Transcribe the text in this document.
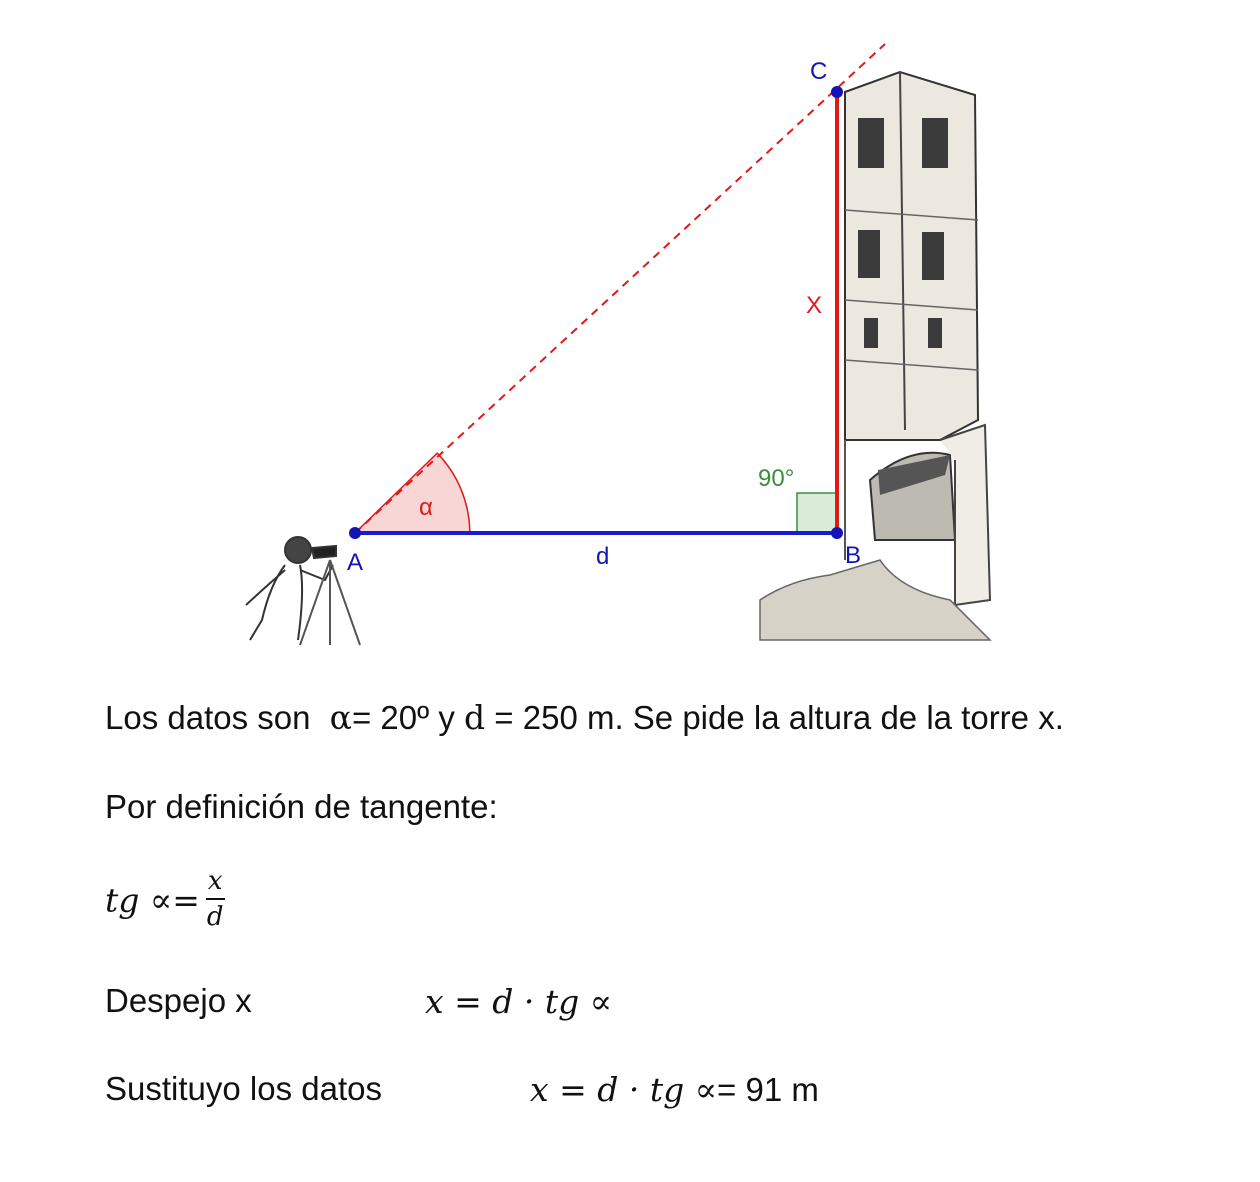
A	B
C
d
X
α
90°
Los datos son α= 20º y d = 250 m. Se pide la altura de la torre x.
Por definición de tangente:
tg ∝= $\frac{x}{d}$
Despejo x	x = d · tg ∝
Sustituyo los datos	x = d · tg ∝= 91 m
